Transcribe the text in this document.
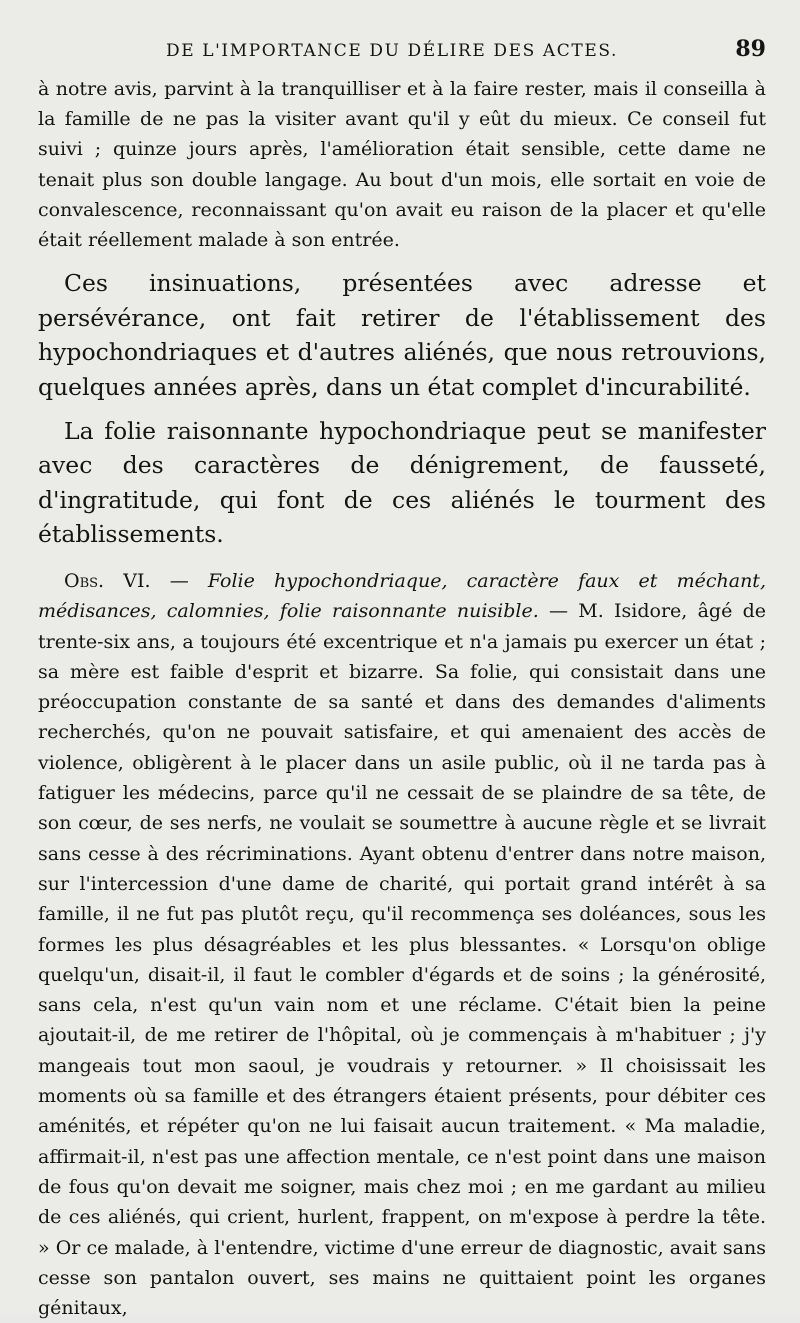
DE L'IMPORTANCE DU DÉLIRE DES ACTES.	89

à notre avis, parvint à la tranquilliser et à la faire rester, mais il conseilla à la famille de ne pas la visiter avant qu'il y eût du mieux. Ce conseil fut suivi ; quinze jours après, l'amélioration était sensible, cette dame ne tenait plus son double langage. Au bout d'un mois, elle sortait en voie de convalescence, reconnaissant qu'on avait eu raison de la placer et qu'elle était réellement malade à son entrée.

Ces insinuations, présentées avec adresse et persévérance, ont fait retirer de l'établissement des hypochondriaques et d'autres aliénés, que nous retrouvions, quelques années après, dans un état complet d'incurabilité.

La folie raisonnante hypochondriaque peut se manifester avec des caractères de dénigrement, de fausseté, d'ingratitude, qui font de ces aliénés le tourment des établissements.

Obs. VI. — Folie hypochondriaque, caractère faux et méchant, médisances, calomnies, folie raisonnante nuisible. — M. Isidore, âgé de trente-six ans, a toujours été excentrique et n'a jamais pu exercer un état ; sa mère est faible d'esprit et bizarre. Sa folie, qui consistait dans une préoccupation constante de sa santé et dans des demandes d'aliments recherchés, qu'on ne pouvait satisfaire, et qui amenaient des accès de violence, obligèrent à le placer dans un asile public, où il ne tarda pas à fatiguer les médecins, parce qu'il ne cessait de se plaindre de sa tête, de son cœur, de ses nerfs, ne voulait se soumettre à aucune règle et se livrait sans cesse à des récriminations. Ayant obtenu d'entrer dans notre maison, sur l'intercession d'une dame de charité, qui portait grand intérêt à sa famille, il ne fut pas plutôt reçu, qu'il recommença ses doléances, sous les formes les plus désagréables et les plus blessantes. « Lorsqu'on oblige quelqu'un, disait-il, il faut le combler d'égards et de soins ; la générosité, sans cela, n'est qu'un vain nom et une réclame. C'était bien la peine ajoutait-il, de me retirer de l'hôpital, où je commençais à m'habituer ; j'y mangeais tout mon saoul, je voudrais y retourner. » Il choisissait les moments où sa famille et des étrangers étaient présents, pour débiter ces aménités, et répéter qu'on ne lui faisait aucun traitement. « Ma maladie, affirmait-il, n'est pas une affection mentale, ce n'est point dans une maison de fous qu'on devait me soigner, mais chez moi ; en me gardant au milieu de ces aliénés, qui crient, hurlent, frappent, on m'expose à perdre la tête. » Or ce malade, à l'entendre, victime d'une erreur de diagnostic, avait sans cesse son pantalon ouvert, ses mains ne quittaient point les organes génitaux,
